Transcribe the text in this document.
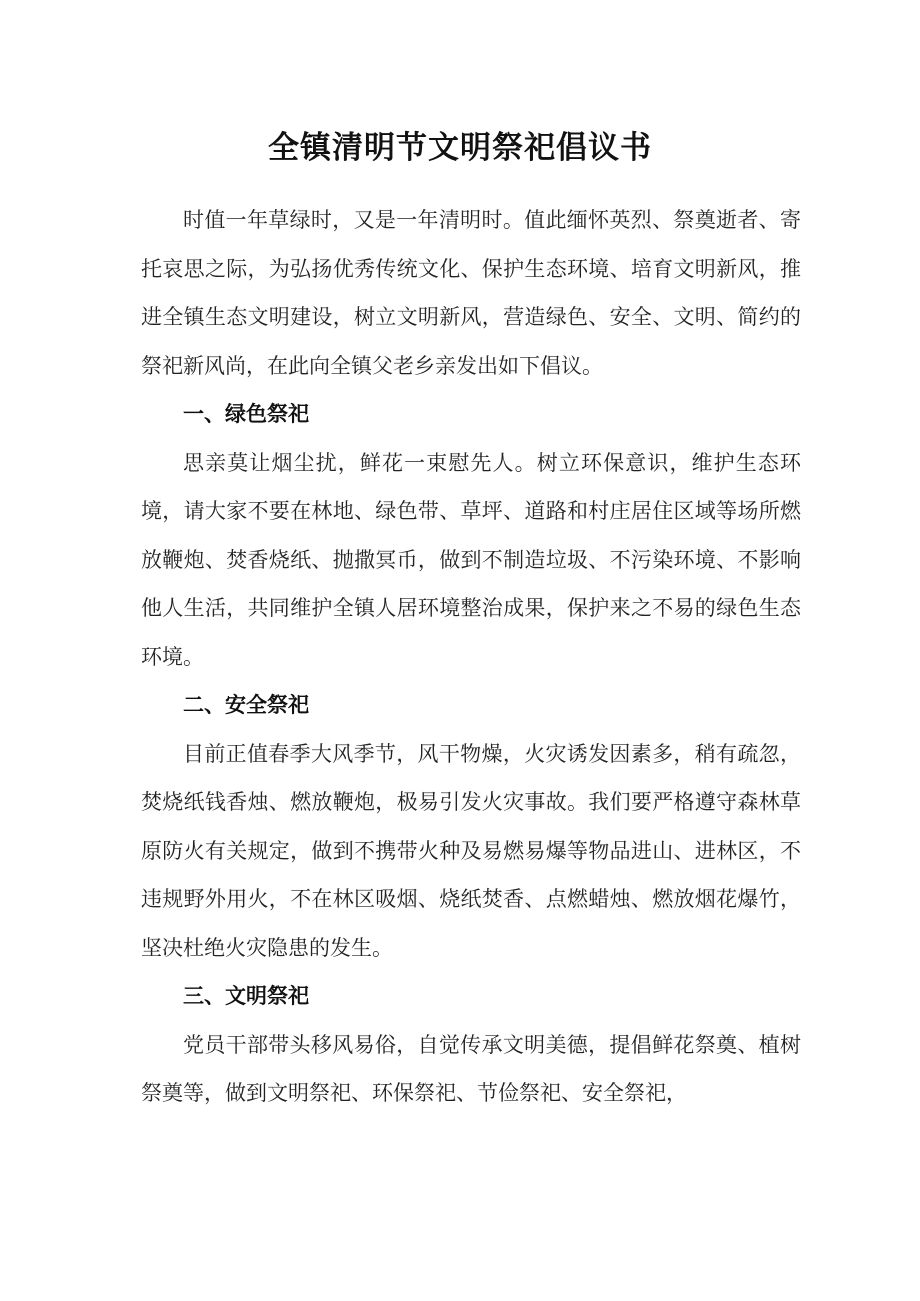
全镇清明节文明祭祀倡议书

时值一年草绿时，又是一年清明时。值此缅怀英烈、祭奠逝者、寄托哀思之际，为弘扬优秀传统文化、保护生态环境、培育文明新风，推进全镇生态文明建设，树立文明新风，营造绿色、安全、文明、简约的祭祀新风尚，在此向全镇父老乡亲发出如下倡议。

一、绿色祭祀

思亲莫让烟尘扰，鲜花一束慰先人。树立环保意识，维护生态环境，请大家不要在林地、绿色带、草坪、道路和村庄居住区域等场所燃放鞭炮、焚香烧纸、抛撒冥币，做到不制造垃圾、不污染环境、不影响他人生活，共同维护全镇人居环境整治成果，保护来之不易的绿色生态环境。

二、安全祭祀

目前正值春季大风季节，风干物燥，火灾诱发因素多，稍有疏忽，焚烧纸钱香烛、燃放鞭炮，极易引发火灾事故。我们要严格遵守森林草原防火有关规定，做到不携带火种及易燃易爆等物品进山、进林区，不违规野外用火，不在林区吸烟、烧纸焚香、点燃蜡烛、燃放烟花爆竹，坚决杜绝火灾隐患的发生。

三、文明祭祀

党员干部带头移风易俗，自觉传承文明美德，提倡鲜花祭奠、植树祭奠等，做到文明祭祀、环保祭祀、节俭祭祀、安全祭祀，
